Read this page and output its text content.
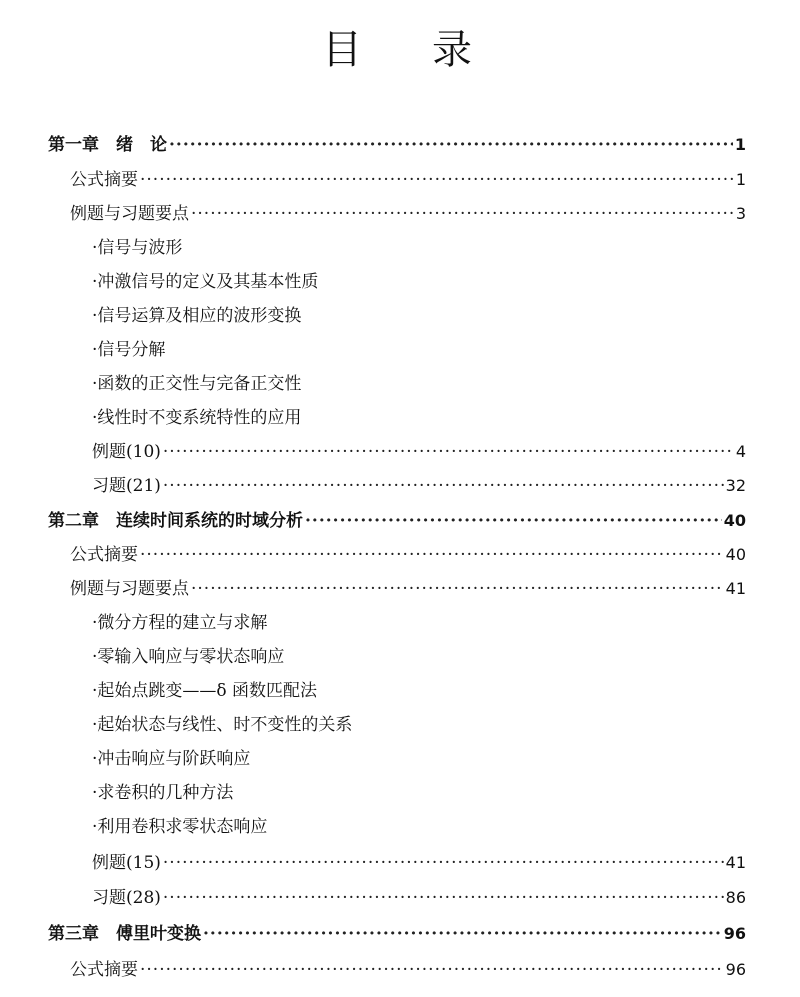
目 录
第一章　绪　论 ·····	1
公式摘要 ·····	1
例题与习题要点 ·····	3
·信号与波形
·冲激信号的定义及其基本性质
·信号运算及相应的波形变换
·信号分解
·函数的正交性与完备正交性
·线性时不变系统特性的应用
例题(10) ·····	4
习题(21) ·····	32
第二章　连续时间系统的时域分析 ·····	40
公式摘要 ·····	40
例题与习题要点 ·····	41
·微分方程的建立与求解
·零输入响应与零状态响应
·起始点跳变——δ 函数匹配法
·起始状态与线性、时不变性的关系
·冲击响应与阶跃响应
·求卷积的几种方法
·利用卷积求零状态响应
例题(15) ·····	41
习题(28) ·····	86
第三章　傅里叶变换 ·····	96
公式摘要 ·····	96
